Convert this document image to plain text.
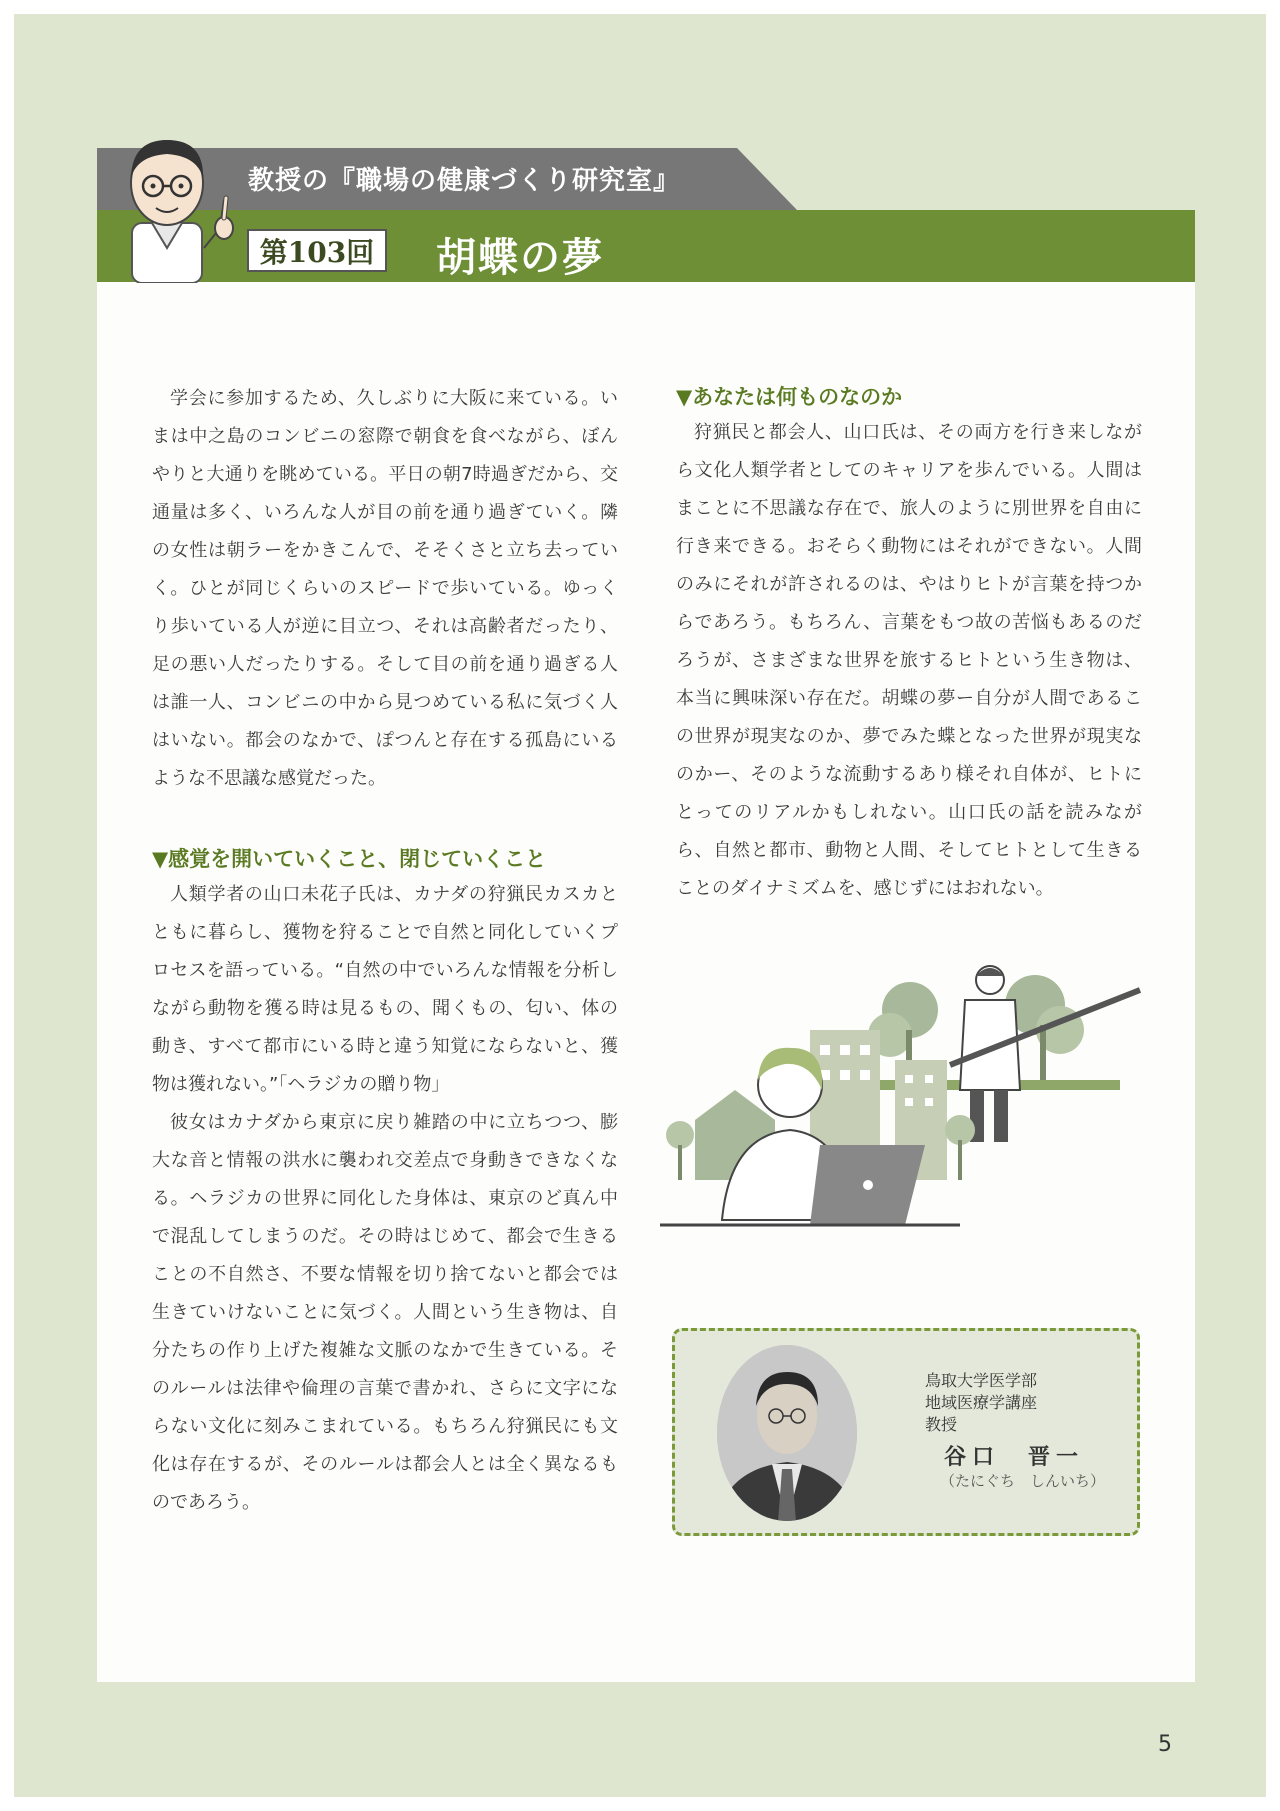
教授の『職場の健康づくり研究室』
第103回 胡蝶の夢

学会に参加するため、久しぶりに大阪に来ている。いまは中之島のコンビニの窓際で朝食を食べながら、ぼんやりと大通りを眺めている。平日の朝7時過ぎだから、交通量は多く、いろんな人が目の前を通り過ぎていく。隣の女性は朝ラーをかきこんで、そそくさと立ち去っていく。ひとが同じくらいのスピードで歩いている。ゆっくり歩いている人が逆に目立つ、それは高齢者だったり、足の悪い人だったりする。そして目の前を通り過ぎる人は誰一人、コンビニの中から見つめている私に気づく人はいない。都会のなかで、ぽつんと存在する孤島にいるような不思議な感覚だった。

▼感覚を開いていくこと、閉じていくこと

人類学者の山口未花子氏は、カナダの狩猟民カスカとともに暮らし、獲物を狩ることで自然と同化していくプロセスを語っている。“自然の中でいろんな情報を分析しながら動物を獲る時は見るもの、聞くもの、匂い、体の動き、すべて都市にいる時と違う知覚にならないと、獲物は獲れない。”「ヘラジカの贈り物」

彼女はカナダから東京に戻り雑踏の中に立ちつつ、膨大な音と情報の洪水に襲われ交差点で身動きできなくなる。ヘラジカの世界に同化した身体は、東京のど真ん中で混乱してしまうのだ。その時はじめて、都会で生きることの不自然さ、不要な情報を切り捨てないと都会では生きていけないことに気づく。人間という生き物は、自分たちの作り上げた複雑な文脈のなかで生きている。そのルールは法律や倫理の言葉で書かれ、さらに文字にならない文化に刻みこまれている。もちろん狩猟民にも文化は存在するが、そのルールは都会人とは全く異なるものであろう。

▼あなたは何ものなのか

狩猟民と都会人、山口氏は、その両方を行き来しながら文化人類学者としてのキャリアを歩んでいる。人間はまことに不思議な存在で、旅人のように別世界を自由に行き来できる。おそらく動物にはそれができない。人間のみにそれが許されるのは、やはりヒトが言葉を持つからであろう。もちろん、言葉をもつ故の苦悩もあるのだろうが、さまざまな世界を旅するヒトという生き物は、本当に興味深い存在だ。胡蝶の夢ー自分が人間であるこの世界が現実なのか、夢でみた蝶となった世界が現実なのかー、そのような流動するあり様それ自体が、ヒトにとってのリアルかもしれない。山口氏の話を読みながら、自然と都市、動物と人間、そしてヒトとして生きることのダイナミズムを、感じずにはおれない。

鳥取大学医学部
地域医療学講座
教授
谷口　晋一
（たにぐち　しんいち）
5
